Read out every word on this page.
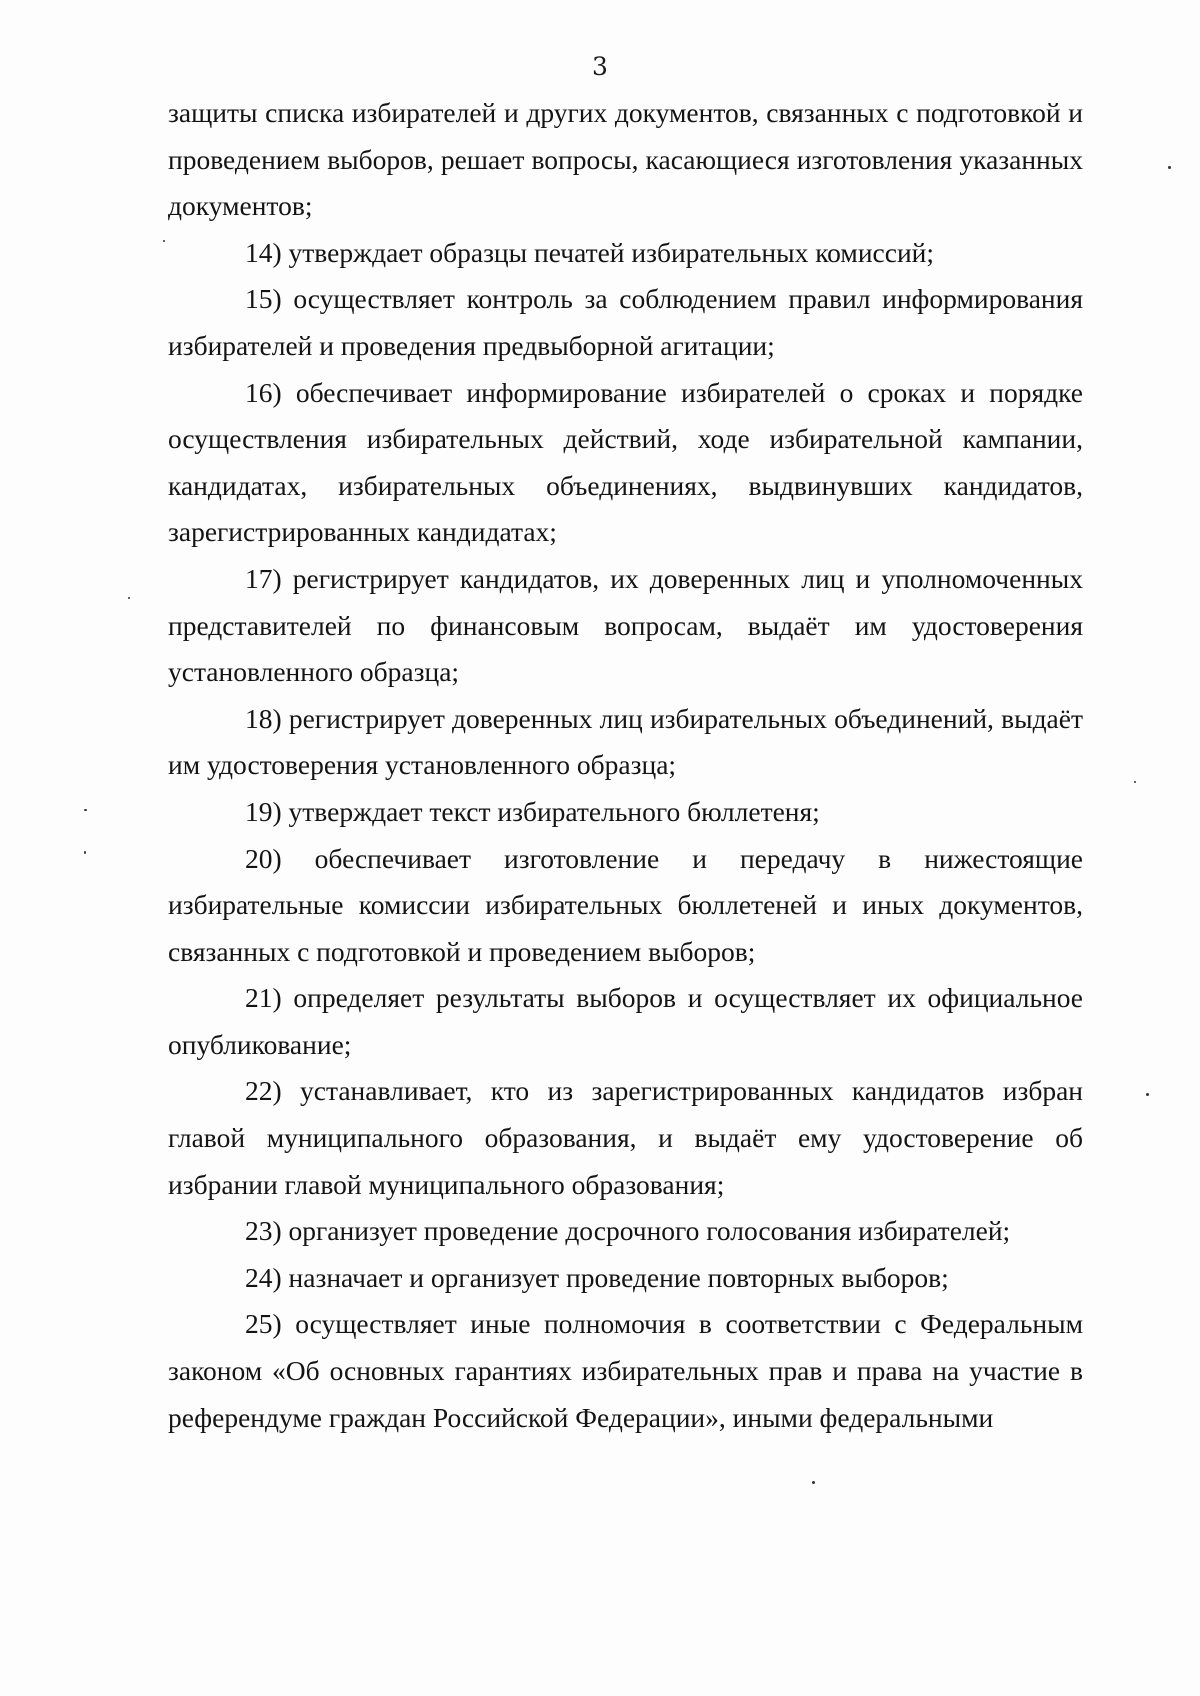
3

защиты списка избирателей и других документов, связанных с подготовкой и проведением выборов, решает вопросы, касающиеся изготовления указанных документов;

14) утверждает образцы печатей избирательных комиссий;

15) осуществляет контроль за соблюдением правил информирования избирателей и проведения предвыборной агитации;

16) обеспечивает информирование избирателей о сроках и порядке осуществления избирательных действий, ходе избирательной кампании, кандидатах, избирательных объединениях, выдвинувших кандидатов, зарегистрированных кандидатах;

17) регистрирует кандидатов, их доверенных лиц и уполномоченных представителей по финансовым вопросам, выдаёт им удостоверения установленного образца;

18) регистрирует доверенных лиц избирательных объединений, выдаёт им удостоверения установленного образца;

19) утверждает текст избирательного бюллетеня;

20) обеспечивает изготовление и передачу в нижестоящие избирательные комиссии избирательных бюллетеней и иных документов, связанных с подготовкой и проведением выборов;

21) определяет результаты выборов и осуществляет их официальное опубликование;

22) устанавливает, кто из зарегистрированных кандидатов избран главой муниципального образования, и выдаёт ему удостоверение об избрании главой муниципального образования;

23) организует проведение досрочного голосования избирателей;

24) назначает и организует проведение повторных выборов;

25) осуществляет иные полномочия в соответствии с Федеральным законом «Об основных гарантиях избирательных прав и права на участие в референдуме граждан Российской Федерации», иными федеральными
